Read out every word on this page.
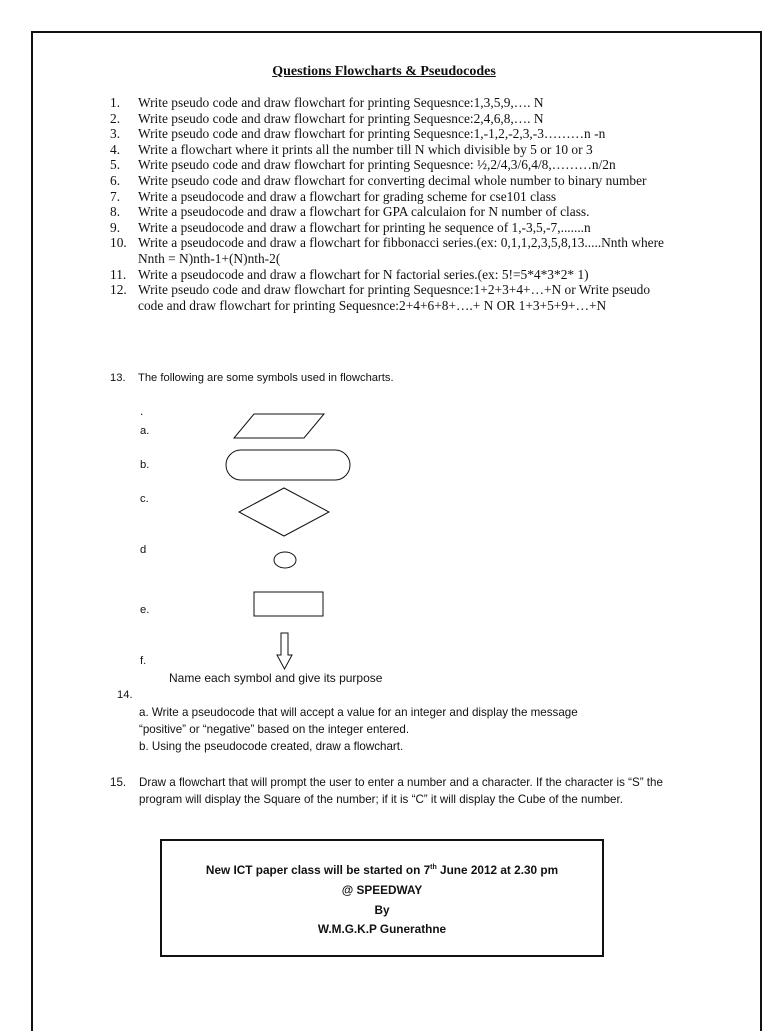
Questions Flowcharts & Pseudocodes
1. Write pseudo code and draw flowchart for printing Sequesnce:1,3,5,9,…. N
2. Write pseudo code and draw flowchart for printing Sequesnce:2,4,6,8,…. N
3. Write pseudo code and draw flowchart for printing Sequesnce:1,-1,2,-2,3,-3………n -n
4. Write a flowchart where it prints all the number till N which divisible by 5 or 10 or 3
5. Write pseudo code and draw flowchart for printing Sequesnce: ½,2/4,3/6,4/8,………n/2n
6. Write pseudo code and draw flowchart for converting decimal whole number to binary number
7. Write a pseudocode and draw a flowchart for grading scheme for cse101 class
8. Write a pseudocode and draw a flowchart for GPA calculaion for N number of class.
9. Write a pseudocode and draw a flowchart for printing he sequence of 1,-3,5,-7,.......n
10. Write a pseudocode and draw a flowchart for fibbonacci series.(ex: 0,1,1,2,3,5,8,13.....Nnth where Nnth = N)nth-1+(N)nth-2(
11. Write a pseudocode and draw a flowchart for N factorial series.(ex: 5!=5*4*3*2* 1)
12. Write pseudo code and draw flowchart for printing Sequesnce:1+2+3+4+…+N or Write pseudo code and draw flowchart for printing Sequesnce:2+4+6+8+….+ N OR 1+3+5+9+…+N
13. The following are some symbols used in flowcharts.
.
a.
b.
c.
d
e.
f.
Name each symbol and give its purpose
14.
a. Write a pseudocode that will accept a value for an integer and display the message
“positive” or “negative” based on the integer entered.
b. Using the pseudocode created, draw a flowchart.
15. Draw a flowchart that will prompt the user to enter a number and a character. If the character is “S” the program will display the Square of the number; if it is “C” it will display the Cube of the number.
New ICT paper class will be started on 7th June 2012 at 2.30 pm
@ SPEEDWAY
By
W.M.G.K.P Gunerathne
